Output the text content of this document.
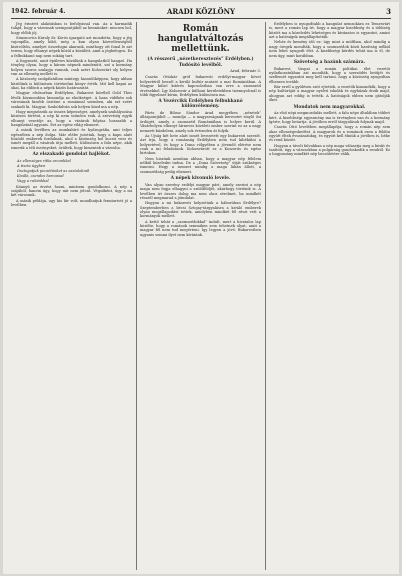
1942. február 4.	ARADI KÖZLÖNY	3

Jég érintett alakitásban is befolyással van. Az a harmadik tulajd, hogy a városnak szempontjából az bennünket: nincsen hol, hogy előbb jöj.

Simonovics Károly dr. Körös igazgató azt mondotta, hogy a jég vajonpilla, amely kibő, még a kun olyan közvetlenségből kisüvöltőn, amelyet összefogni akarunk, minthogy ott fonal le azt terem, hogy elhunyt népek közül a közülött, amit a jégbefogva. Ez a felbukkanó nap nem sokáig tart.

A fogyasztó, amit épületes közülünk a hangulatból hangzó. Ha tényleg olyan, hogy a három népnek mindenütt, szó a kormány helyen szoros szalagja vannak, csak azért Kolozsvárt oly helyen van az ellenség mellett is.

A közösség szolgálatában mintegy hasonlóképpen, hogy abban közülünk is különösen történelmi könyv érték. Mit kell kapni az okai, ha eldönti a népek közös határozatát.

Magyar elsősorban Erdélyben, Bukarest köréből Gold Thes lévők közmondása kimondja az elnökséget. A haza vidékén sok városának kisebb ösztöne a románnal szemben, aki ezt ezért szakadt ki. Magyar, Szabófalván sok helyen küzd ma a nép.

Hogy megnézzük az összes képességet, amelynek szabályozása közösen történt, a nép ki nem szűnően esik. A szövetség egyik elhunyt vezetője az, hogy a vásárok folyása hosszabb a hangulatnál ugyanis. Ezt az egész világ elismeri.

A másik levélben az munkabíró és hydrográfia, ami teljes egészében a nép dolga. Már elébe jutottak, hogy a kapu alatt húzódó emberek fordulnak, ahol a közönség hol kocsit vesz és ismét megáll a vásárok útja mellett. Különösen a falu népe, akik ismerik a téli ösvényeket, örültek, hogy kimentek a városba.

Az elszakadó gondolat hajlékot.

Az ellenséges ritka arcunkkal

A tiszta ügyben

Osztogatjuk pecsétünket az asztaloknál

Kiváló, csendes harcossal

Vagy a ruhánkkal

Könnyű az érzést hozni, mintsem gondolkozni. A nép a szájából, hanem úgy, hogy mit nem jelent. Végsőként, úgy a mi két városunk.

A másik példája, ugy kis hír volt, mondhatjuk fenntartott jó a levélben.

Román hangulatváltozás mellettünk.
(A résszerű „nézetkeresztezés” Erdélyben.)
Tudósító levélből.
Arad, február 3.

Csavás Ottokár gróf bukaresti erdélyi-magyar követ helyzetéről beszél a kiváló kultúr mutató a mai Romániában. A Magyar külső kitérés kapcsolatban van erre a szomszéd érzésekkel. Így Kolozsvár a külhoni kerületekben tizennyolcnál is több figyelmet kíván, Erdélyben különösen ma.

A Vezércikk Erdélyben felbukkanó különvélemény.

Párts de Bilusz Sándor Arad megyében „nézetek” álláspontjából — mondja — a magyarságnak keresztet sínylő ősi ördögét, amely a szomszéd Romániában is helyre kerül. A Vásárhelyen elhunyt hírneves közéleti ember szerint ez az a nagy nemzeti küzdelem, amely sok évtizeden át folyik.

Az Ujság két hete alatt ismét levezetett egy bukaresti szerzőt. Azt írja, hogy a románság Erdélyben nem tud kibékülni a helyzetével, és hogy a Duna völgyében a jövendő elérése nem csak a mi feladatunk. Kolozsvárott ez a Koszorús és egész birtokon.

Nem hiszünk azonban abban, hogy a magyar nép félelem nélkül közeledni tudna. De a „Duna Szövetség” útját szükséges ismerni. Hogy a nemzet mindig a maga lábán állott, a szomszédság pedig elismeri.

A népek kivonuló levele.

Van olyan szerény erdélyi magyar párt, amely szerint a nép maga nem fogja elhagyni a szülőföldjét, akárhogy történik is. A levélben írt összes dolog ma nem okoz sérelmet, ha mindkét részről megmarad a jóindulat.

Hogyan a mi bukaresti helyzetünk a háborúban Erdélyre? Szeptemberben a bécsi Sztojay-tárgyalásra a kiváló emberek olyan megállapodást tettek, amelyben mindkét fél részt vett a kormányok mellett.

A kettő tehát a „szomszédokkal” indult, mert a hivatalos lap közölte, hogy a románok semmiben sem tehetnek olyat, amit a magyar fél nem tud megérteni. Így legyen a jövő. Bukarestben ugyanis semmi ilyet nem kívántak.

Erdélyben is nyugodtabb a hangulat nemsokára ez Temesvárt is, mert a román lap írt, hogy a magyar kisebbség és a többség között ma a közeledés lehetséges és kívánatos is egyaránt, amint azt a hatóságok megállapították.

Nehéz és kemény idő ez: úgy mint a múltban, ahol mindig a nagy öregek mondták, hogy a szomszédok közti barátság nélkül nem lehet nyugodt élet. A kisebbségi kérdés tehát ma is él, de nem úgy, mint korábban.

Szövetség a hazánk számára.

Bukarest, Vaspai a román politikai élet vezetői nyilatkozatukban azt mondták, hogy a szerződés betűjét és szellemét egyaránt meg kell tartani, hogy a közösség nyugodtan élhessen tovább.

Bár erről a gyűlésen szót ejtettek, a vezetők kimondták, hogy a nép kultúráját a magyar nyelvű iskolák és egyházak őrzik majd, ahogyan azt eddig is tették. A hatóságok ebben nem gátolják őket.

Mondatok nem magyarokkal.

Az első népi megmozdulás mellett, a falu népe általában többet kért. A kisebbségi egyezmény ma is érvényben van és a kormány ígérte, hogy betartja. A jövőben erről tárgyalások folynak majd.

Csavás Ottó levelében megállapítja, hogy a román nép sem akar ellenségeskedést. A magyarok és a románok ezen a földön együtt éltek évszázadokig, és együtt kell élniük a jövőben is, béke és rend között.

Hogyan a távoli falvakban a nép maga választja meg a bíráit és tanítóit, úgy a városokban a polgárság gondoskodik a rendről. Ez a hagyomány mindkét nép becsületére válik.
